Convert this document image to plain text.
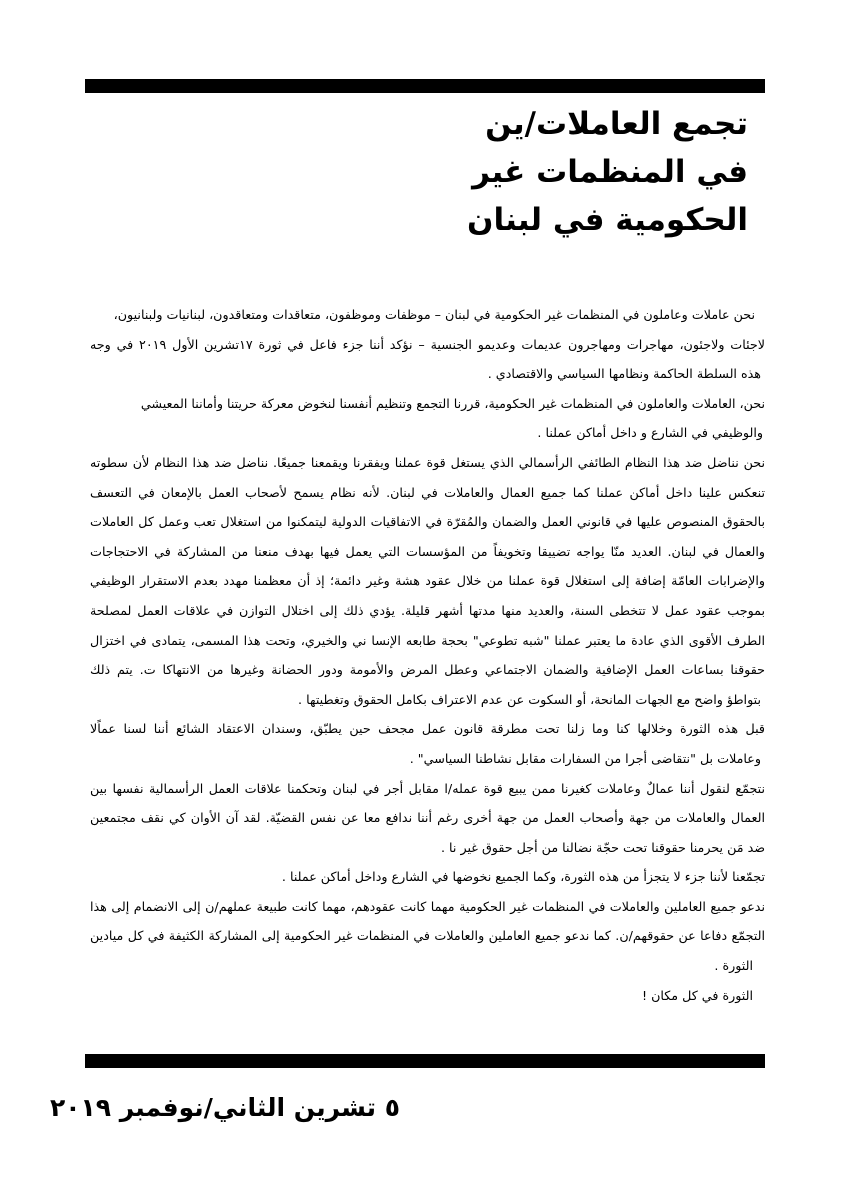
تجمع العاملات/ين
في المنظمات غير
الحكومية في لبنان
نحن عاملات وعاملون في المنظمات غير الحكومية في لبنان – موظفات وموظفون، متعاقدات ومتعاقدون، لبنانيات ولبنانيون،
لاجئات ولاجئون، مهاجرات ومهاجرون عديمات وعديمو الجنسية – نؤكد أننا جزء فاعل في ثورة ١٧تشرين الأول ٢٠١٩ في وجه
هذه السلطة الحاكمة ونظامها السياسي والاقتصادي .
نحن، العاملات والعاملون في المنظمات غير الحكومية، قررنا التجمع وتنظيم أنفسنا لنخوض معركة حريتنا وأماننا المعيشي
والوظيفي في الشارع و داخل أماكن عملنا .
نحن نناضل ضد هذا النظام الطائفي الرأسمالي الذي يستغل قوة عملنا ويفقرنا ويقمعنا جميعًا. نناضل ضد هذا النظام لأن سطوته
تنعكس علينا داخل أماكن عملنا كما جميع العمال والعاملات في لبنان. لأنه نظام يسمح لأصحاب العمل بالإمعان في التعسف
بالحقوق المنصوص عليها في قانوني العمل والضمان والمُقرّة في الاتفاقيات الدولية ليتمكنوا من استغلال تعب وعمل كل العاملات
والعمال في لبنان. العديد منّا يواجه تضييقا وتخويفاً من المؤسسات التي يعمل فيها بهدف منعنا من المشاركة في الاحتجاجات
والإضرابات العامّة إضافة إلى استغلال قوة عملنا من خلال عقود هشة وغير دائمة؛ إذ أن معظمنا مهدد بعدم الاستقرار الوظيفي
بموجب عقود عمل لا تتخطى السنة، والعديد منها مدتها أشهر قليلة. يؤدي ذلك إلى اختلال التوازن في علاقات العمل لمصلحة
الطرف الأقوى الذي عادة ما يعتبر عملنا "شبه تطوعي" بحجة طابعه الإنسا ني والخيري، وتحت هذا المسمى، يتمادى في اختزال
حقوقنا بساعات العمل الإضافية والضمان الاجتماعي وعطل المرض والأمومة ودور الحضانة وغيرها من الانتهاكا ت. يتم ذلك
بتواطؤ واضح مع الجهات المانحة، أو السكوت عن عدم الاعتراف بكامل الحقوق وتغطيتها .
قبل هذه الثورة وخلالها كنا وما زلنا تحت مطرقة قانون عمل مجحف حين يطبّق، وسندان الاعتقاد الشائع أننا لسنا عماًلا
وعاملات بل "نتقاضى أجرا من السفارات مقابل نشاطنا السياسي" .
نتجمّع لنقول أننا عمالٌ وعاملات كغيرنا ممن يبيع قوة عمله/ا مقابل أجر في لبنان وتحكمنا علاقات العمل الرأسمالية نفسها بين
العمال والعاملات من جهة وأصحاب العمل من جهة أخرى رغم أننا ندافع معا عن نفس القضيّة. لقد آن الأوان كي نقف مجتمعين
ضد مَن يحرمنا حقوقنا تحت حجّة نضالنا من أجل حقوق غير نا .
تجمّعنا لأننا جزء لا يتجزأ من هذه الثورة، وكما الجميع نخوضها في الشارع وداخل أماكن عملنا .
ندعو جميع العاملين والعاملات في المنظمات غير الحكومية مهما كانت عقودهم، مهما كانت طبيعة عملهم/ن إلى الانضمام إلى هذا
التجمّع دفاعا عن حقوقهم/ن. كما ندعو جميع العاملين والعاملات في المنظمات غير الحكومية إلى المشاركة الكثيفة في كل ميادين
الثورة .
الثورة في كل مكان !
٥ تشرين الثاني/نوفمبر ٢٠١٩
